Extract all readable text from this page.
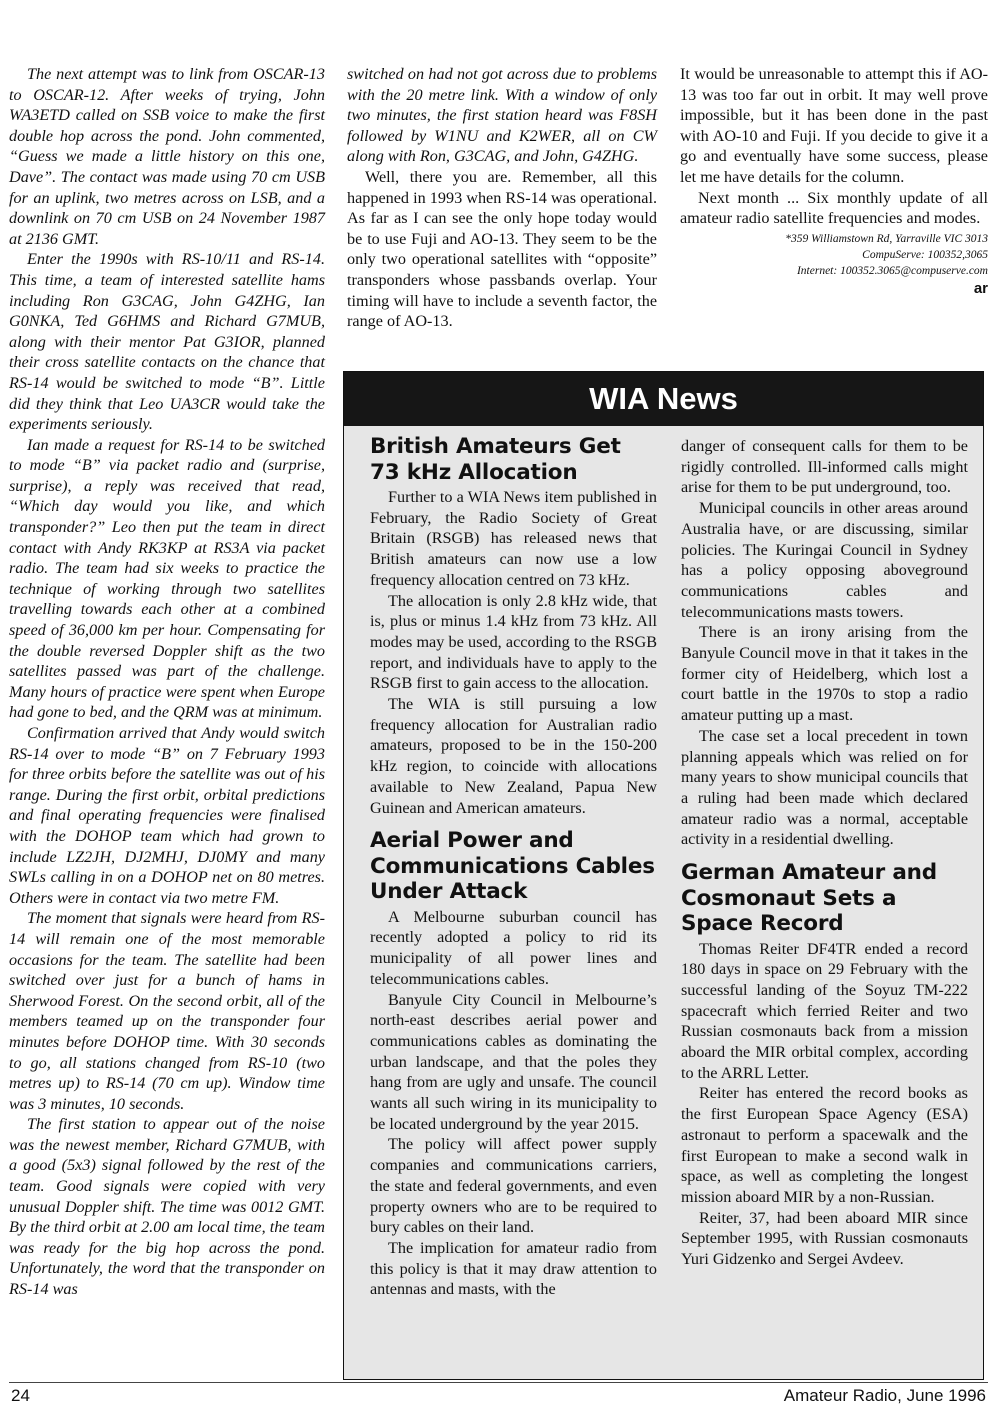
The next attempt was to link from OSCAR-13 to OSCAR-12. After weeks of trying, John WA3ETD called on SSB voice to make the first double hop across the pond. John commented, “Guess we made a little history on this one, Dave”. The contact was made using 70 cm USB for an uplink, two metres across on LSB, and a downlink on 70 cm USB on 24 November 1987 at 2136 GMT.

Enter the 1990s with RS-10/11 and RS-14. This time, a team of interested satellite hams including Ron G3CAG, John G4ZHG, Ian G0NKA, Ted G6HMS and Richard G7MUB, along with their mentor Pat G3IOR, planned their cross satellite contacts on the chance that RS-14 would be switched to mode “B”. Little did they think that Leo UA3CR would take the experiments seriously.

Ian made a request for RS-14 to be switched to mode “B” via packet radio and (surprise, surprise), a reply was received that read, “Which day would you like, and which transponder?” Leo then put the team in direct contact with Andy RK3KP at RS3A via packet radio. The team had six weeks to practice the technique of working through two satellites travelling towards each other at a combined speed of 36,000 km per hour. Compensating for the double reversed Doppler shift as the two satellites passed was part of the challenge. Many hours of practice were spent when Europe had gone to bed, and the QRM was at minimum.

Confirmation arrived that Andy would switch RS-14 over to mode “B” on 7 February 1993 for three orbits before the satellite was out of his range. During the first orbit, orbital predictions and final operating frequencies were finalised with the DOHOP team which had grown to include LZ2JH, DJ2MHJ, DJ0MY and many SWLs calling in on a DOHOP net on 80 metres. Others were in contact via two metre FM.

The moment that signals were heard from RS-14 will remain one of the most memorable occasions for the team. The satellite had been switched over just for a bunch of hams in Sherwood Forest. On the second orbit, all of the members teamed up on the transponder four minutes before DOHOP time. With 30 seconds to go, all stations changed from RS-10 (two metres up) to RS-14 (70 cm up). Window time was 3 minutes, 10 seconds.

The first station to appear out of the noise was the newest member, Richard G7MUB, with a good (5x3) signal followed by the rest of the team. Good signals were copied with very unusual Doppler shift. The time was 0012 GMT. By the third orbit at 2.00 am local time, the team was ready for the big hop across the pond. Unfortunately, the word that the transponder on RS-14 was

switched on had not got across due to problems with the 20 metre link. With a window of only two minutes, the first station heard was F8SH followed by W1NU and K2WER, all on CW along with Ron, G3CAG, and John, G4ZHG.

Well, there you are. Remember, all this happened in 1993 when RS-14 was operational. As far as I can see the only hope today would be to use Fuji and AO-13. They seem to be the only two operational satellites with “opposite” transponders whose passbands overlap. Your timing will have to include a seventh factor, the range of AO-13.

It would be unreasonable to attempt this if AO-13 was too far out in orbit. It may well prove impossible, but it has been done in the past with AO-10 and Fuji. If you decide to give it a go and eventually have some success, please let me have details for the column.

Next month ... Six monthly update of all amateur radio satellite frequencies and modes.

*359 Williamstown Rd, Yarraville VIC 3013
CompuServe: 100352,3065
Internet: 100352.3065@compuserve.com
ar
WIA News
British Amateurs Get 73 kHz Allocation

Further to a WIA News item published in February, the Radio Society of Great Britain (RSGB) has released news that British amateurs can now use a low frequency allocation centred on 73 kHz.

The allocation is only 2.8 kHz wide, that is, plus or minus 1.4 kHz from 73 kHz. All modes may be used, according to the RSGB report, and individuals have to apply to the RSGB first to gain access to the allocation.

The WIA is still pursuing a low frequency allocation for Australian radio amateurs, proposed to be in the 150-200 kHz region, to coincide with allocations available to New Zealand, Papua New Guinean and American amateurs.

Aerial Power and Communications Cables Under Attack

A Melbourne suburban council has recently adopted a policy to rid its municipality of all power lines and telecommunications cables.

Banyule City Council in Melbourne’s north-east describes aerial power and communications cables as dominating the urban landscape, and that the poles they hang from are ugly and unsafe. The council wants all such wiring in its municipality to be located underground by the year 2015.

The policy will affect power supply companies and communications carriers, the state and federal governments, and even property owners who are to be required to bury cables on their land.

The implication for amateur radio from this policy is that it may draw attention to antennas and masts, with the

danger of consequent calls for them to be rigidly controlled. Ill-informed calls might arise for them to be put underground, too.

Municipal councils in other areas around Australia have, or are discussing, similar policies. The Kuringai Council in Sydney has a policy opposing aboveground communications cables and telecommunications masts towers.

There is an irony arising from the Banyule Council move in that it takes in the former city of Heidelberg, which lost a court battle in the 1970s to stop a radio amateur putting up a mast.

The case set a local precedent in town planning appeals which was relied on for many years to show municipal councils that a ruling had been made which declared amateur radio was a normal, acceptable activity in a residential dwelling.

German Amateur and Cosmonaut Sets a Space Record

Thomas Reiter DF4TR ended a record 180 days in space on 29 February with the successful landing of the Soyuz TM-222 spacecraft which ferried Reiter and two Russian cosmonauts back from a mission aboard the MIR orbital complex, according to the ARRL Letter.

Reiter has entered the record books as the first European Space Agency (ESA) astronaut to perform a spacewalk and the first European to make a second walk in space, as well as completing the longest mission aboard MIR by a non-Russian.

Reiter, 37, had been aboard MIR since September 1995, with Russian cosmonauts Yuri Gidzenko and Sergei Avdeev.

24	Amateur Radio, June 1996
